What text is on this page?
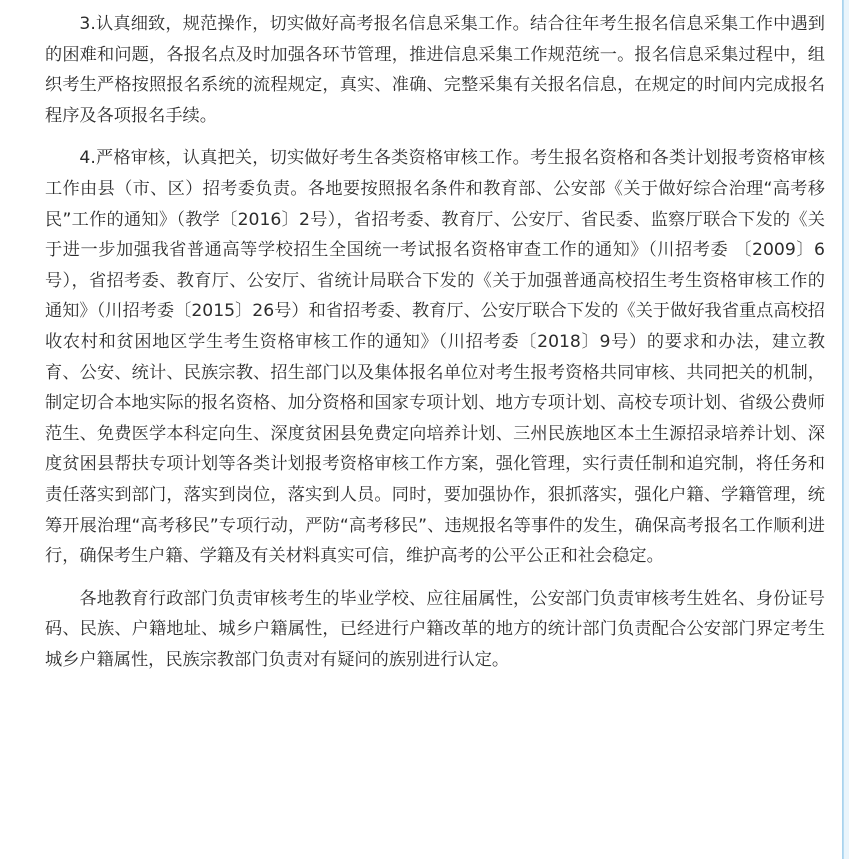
3.认真细致，规范操作，切实做好高考报名信息采集工作。结合往年考生报名信息采集工作中遇到的困难和问题，各报名点及时加强各环节管理，推进信息采集工作规范统一。报名信息采集过程中，组织考生严格按照报名系统的流程规定，真实、准确、完整采集有关报名信息，在规定的时间内完成报名程序及各项报名手续。

4.严格审核，认真把关，切实做好考生各类资格审核工作。考生报名资格和各类计划报考资格审核工作由县（市、区）招考委负责。各地要按照报名条件和教育部、公安部《关于做好综合治理“高考移民”工作的通知》（教学〔2016〕2号），省招考委、教育厅、公安厅、省民委、监察厅联合下发的《关于进一步加强我省普通高等学校招生全国统一考试报名资格审查工作的通知》（川招考委 〔2009〕6号），省招考委、教育厅、公安厅、省统计局联合下发的《关于加强普通高校招生考生资格审核工作的通知》（川招考委〔2015〕26号）和省招考委、教育厅、公安厅联合下发的《关于做好我省重点高校招收农村和贫困地区学生考生资格审核工作的通知》（川招考委〔2018〕9号）的要求和办法，建立教育、公安、统计、民族宗教、招生部门以及集体报名单位对考生报考资格共同审核、共同把关的机制，制定切合本地实际的报名资格、加分资格和国家专项计划、地方专项计划、高校专项计划、省级公费师范生、免费医学本科定向生、深度贫困县免费定向培养计划、三州民族地区本土生源招录培养计划、深度贫困县帮扶专项计划等各类计划报考资格审核工作方案，强化管理，实行责任制和追究制，将任务和责任落实到部门，落实到岗位，落实到人员。同时，要加强协作，狠抓落实，强化户籍、学籍管理，统筹开展治理“高考移民”专项行动，严防“高考移民”、违规报名等事件的发生，确保高考报名工作顺利进行，确保考生户籍、学籍及有关材料真实可信，维护高考的公平公正和社会稳定。

各地教育行政部门负责审核考生的毕业学校、应往届属性，公安部门负责审核考生姓名、身份证号码、民族、户籍地址、城乡户籍属性，已经进行户籍改革的地方的统计部门负责配合公安部门界定考生城乡户籍属性，民族宗教部门负责对有疑问的族别进行认定。
